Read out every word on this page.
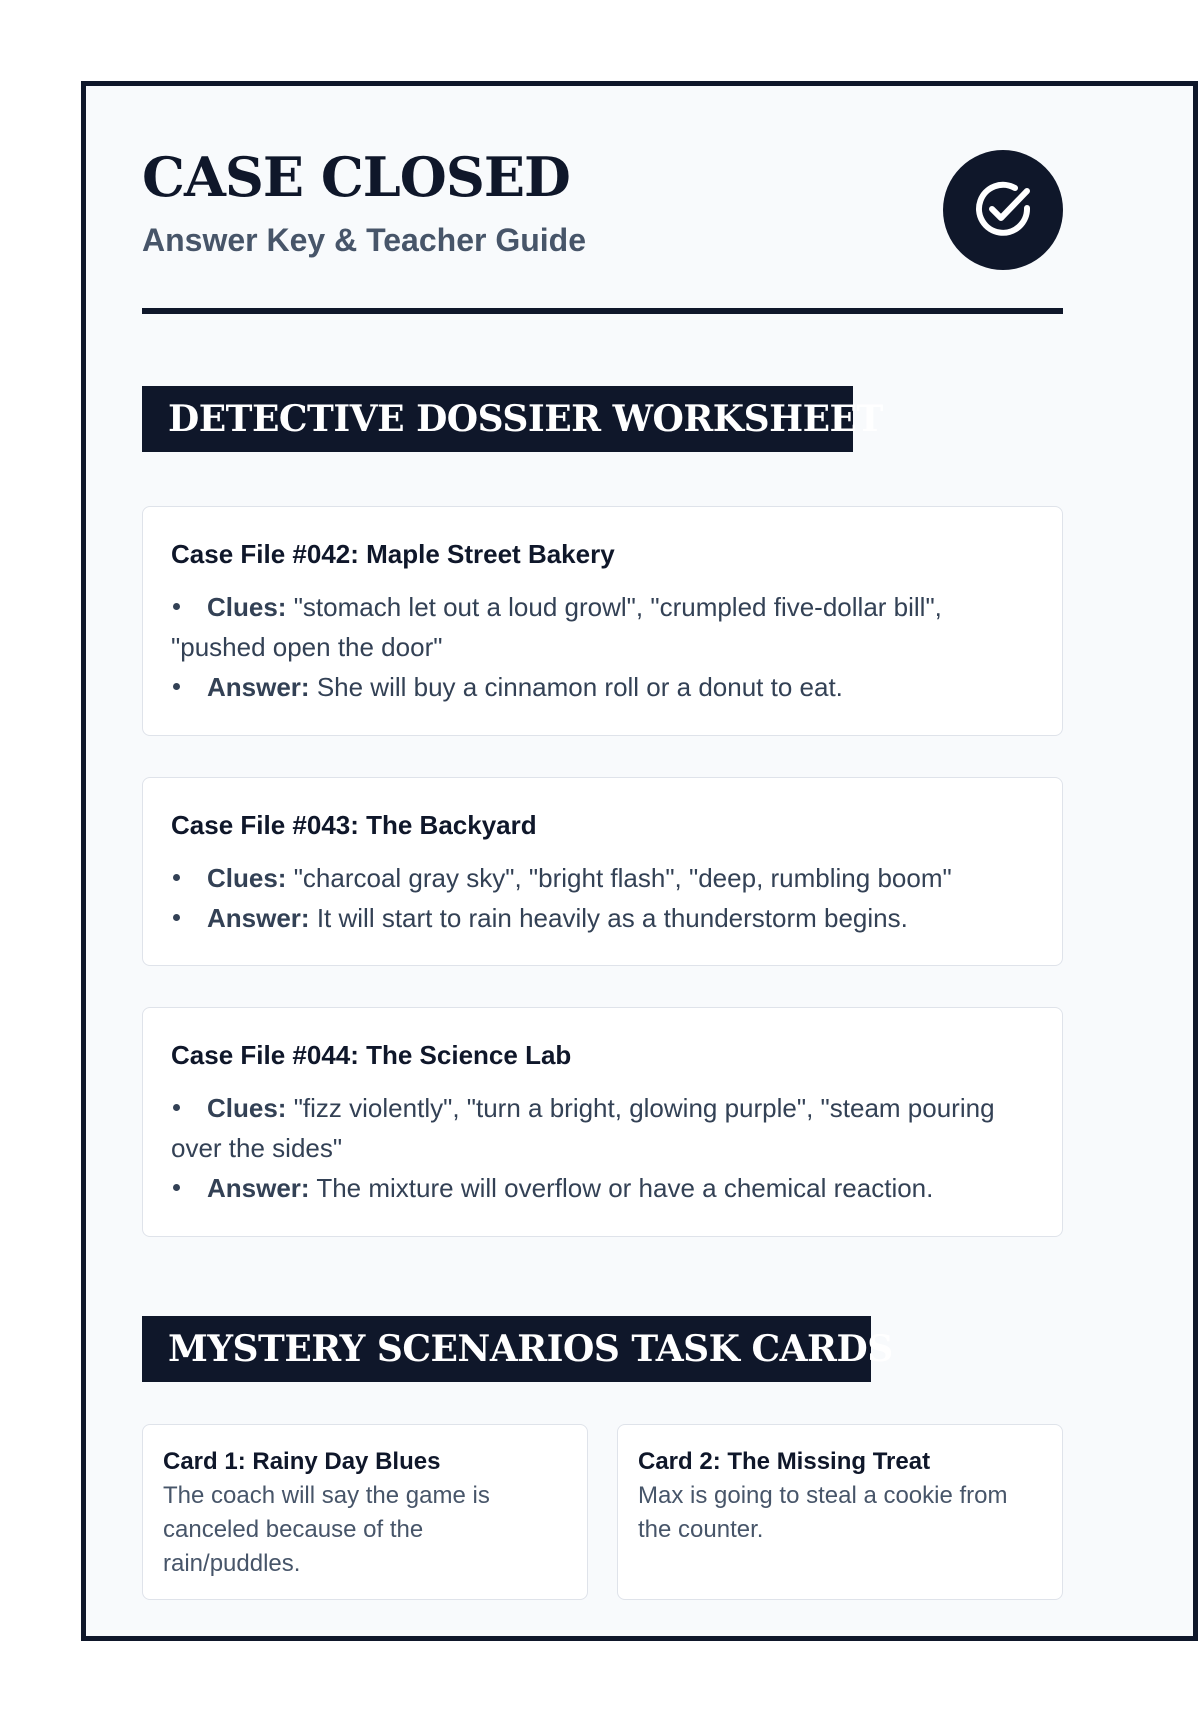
CASE CLOSED
Answer Key & Teacher Guide
DETECTIVE DOSSIER WORKSHEET
Case File #042: Maple Street Bakery
Clues: "stomach let out a loud growl", "crumpled five-dollar bill", "pushed open the door"
Answer: She will buy a cinnamon roll or a donut to eat.
Case File #043: The Backyard
Clues: "charcoal gray sky", "bright flash", "deep, rumbling boom"
Answer: It will start to rain heavily as a thunderstorm begins.
Case File #044: The Science Lab
Clues: "fizz violently", "turn a bright, glowing purple", "steam pouring over the sides"
Answer: The mixture will overflow or have a chemical reaction.
MYSTERY SCENARIOS TASK CARDS
Card 1: Rainy Day Blues
The coach will say the game is canceled because of the rain/puddles.
Card 2: The Missing Treat
Max is going to steal a cookie from the counter.
